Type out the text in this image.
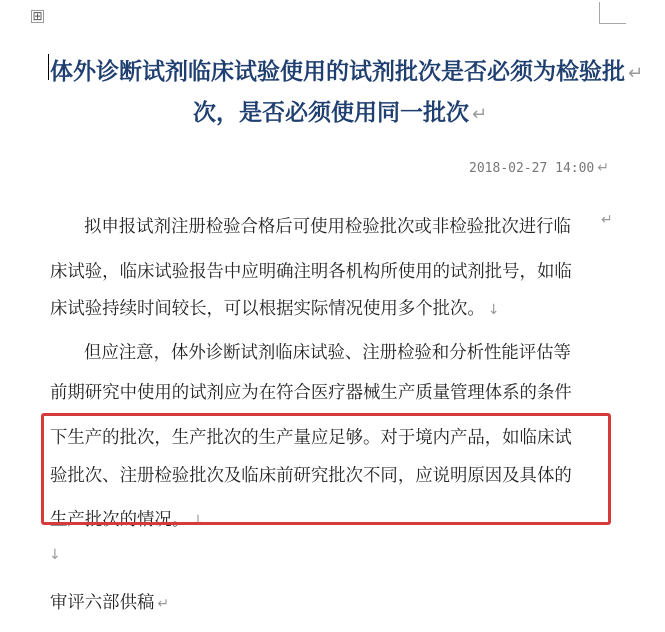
⊞
体外诊断试剂临床试验使用的试剂批次是否必须为检验批 ↵
次，是否必须使用同一批次 ↵
2018-02-27 14:00 ↵
拟申报试剂注册检验合格后可使用检验批次或非检验批次进行临 ↵
床试验，临床试验报告中应明确注明各机构所使用的试剂批号，如临
床试验持续时间较长，可以根据实际情况使用多个批次。 ↓
但应注意，体外诊断试剂临床试验、注册检验和分析性能评估等
前期研究中使用的试剂应为在符合医疗器械生产质量管理体系的条件
下生产的批次，生产批次的生产量应足够。对于境内产品，如临床试
验批次、注册检验批次及临床前研究批次不同，应说明原因及具体的
生产批次的情况。 ↓
↓
审评六部供稿 ↵
